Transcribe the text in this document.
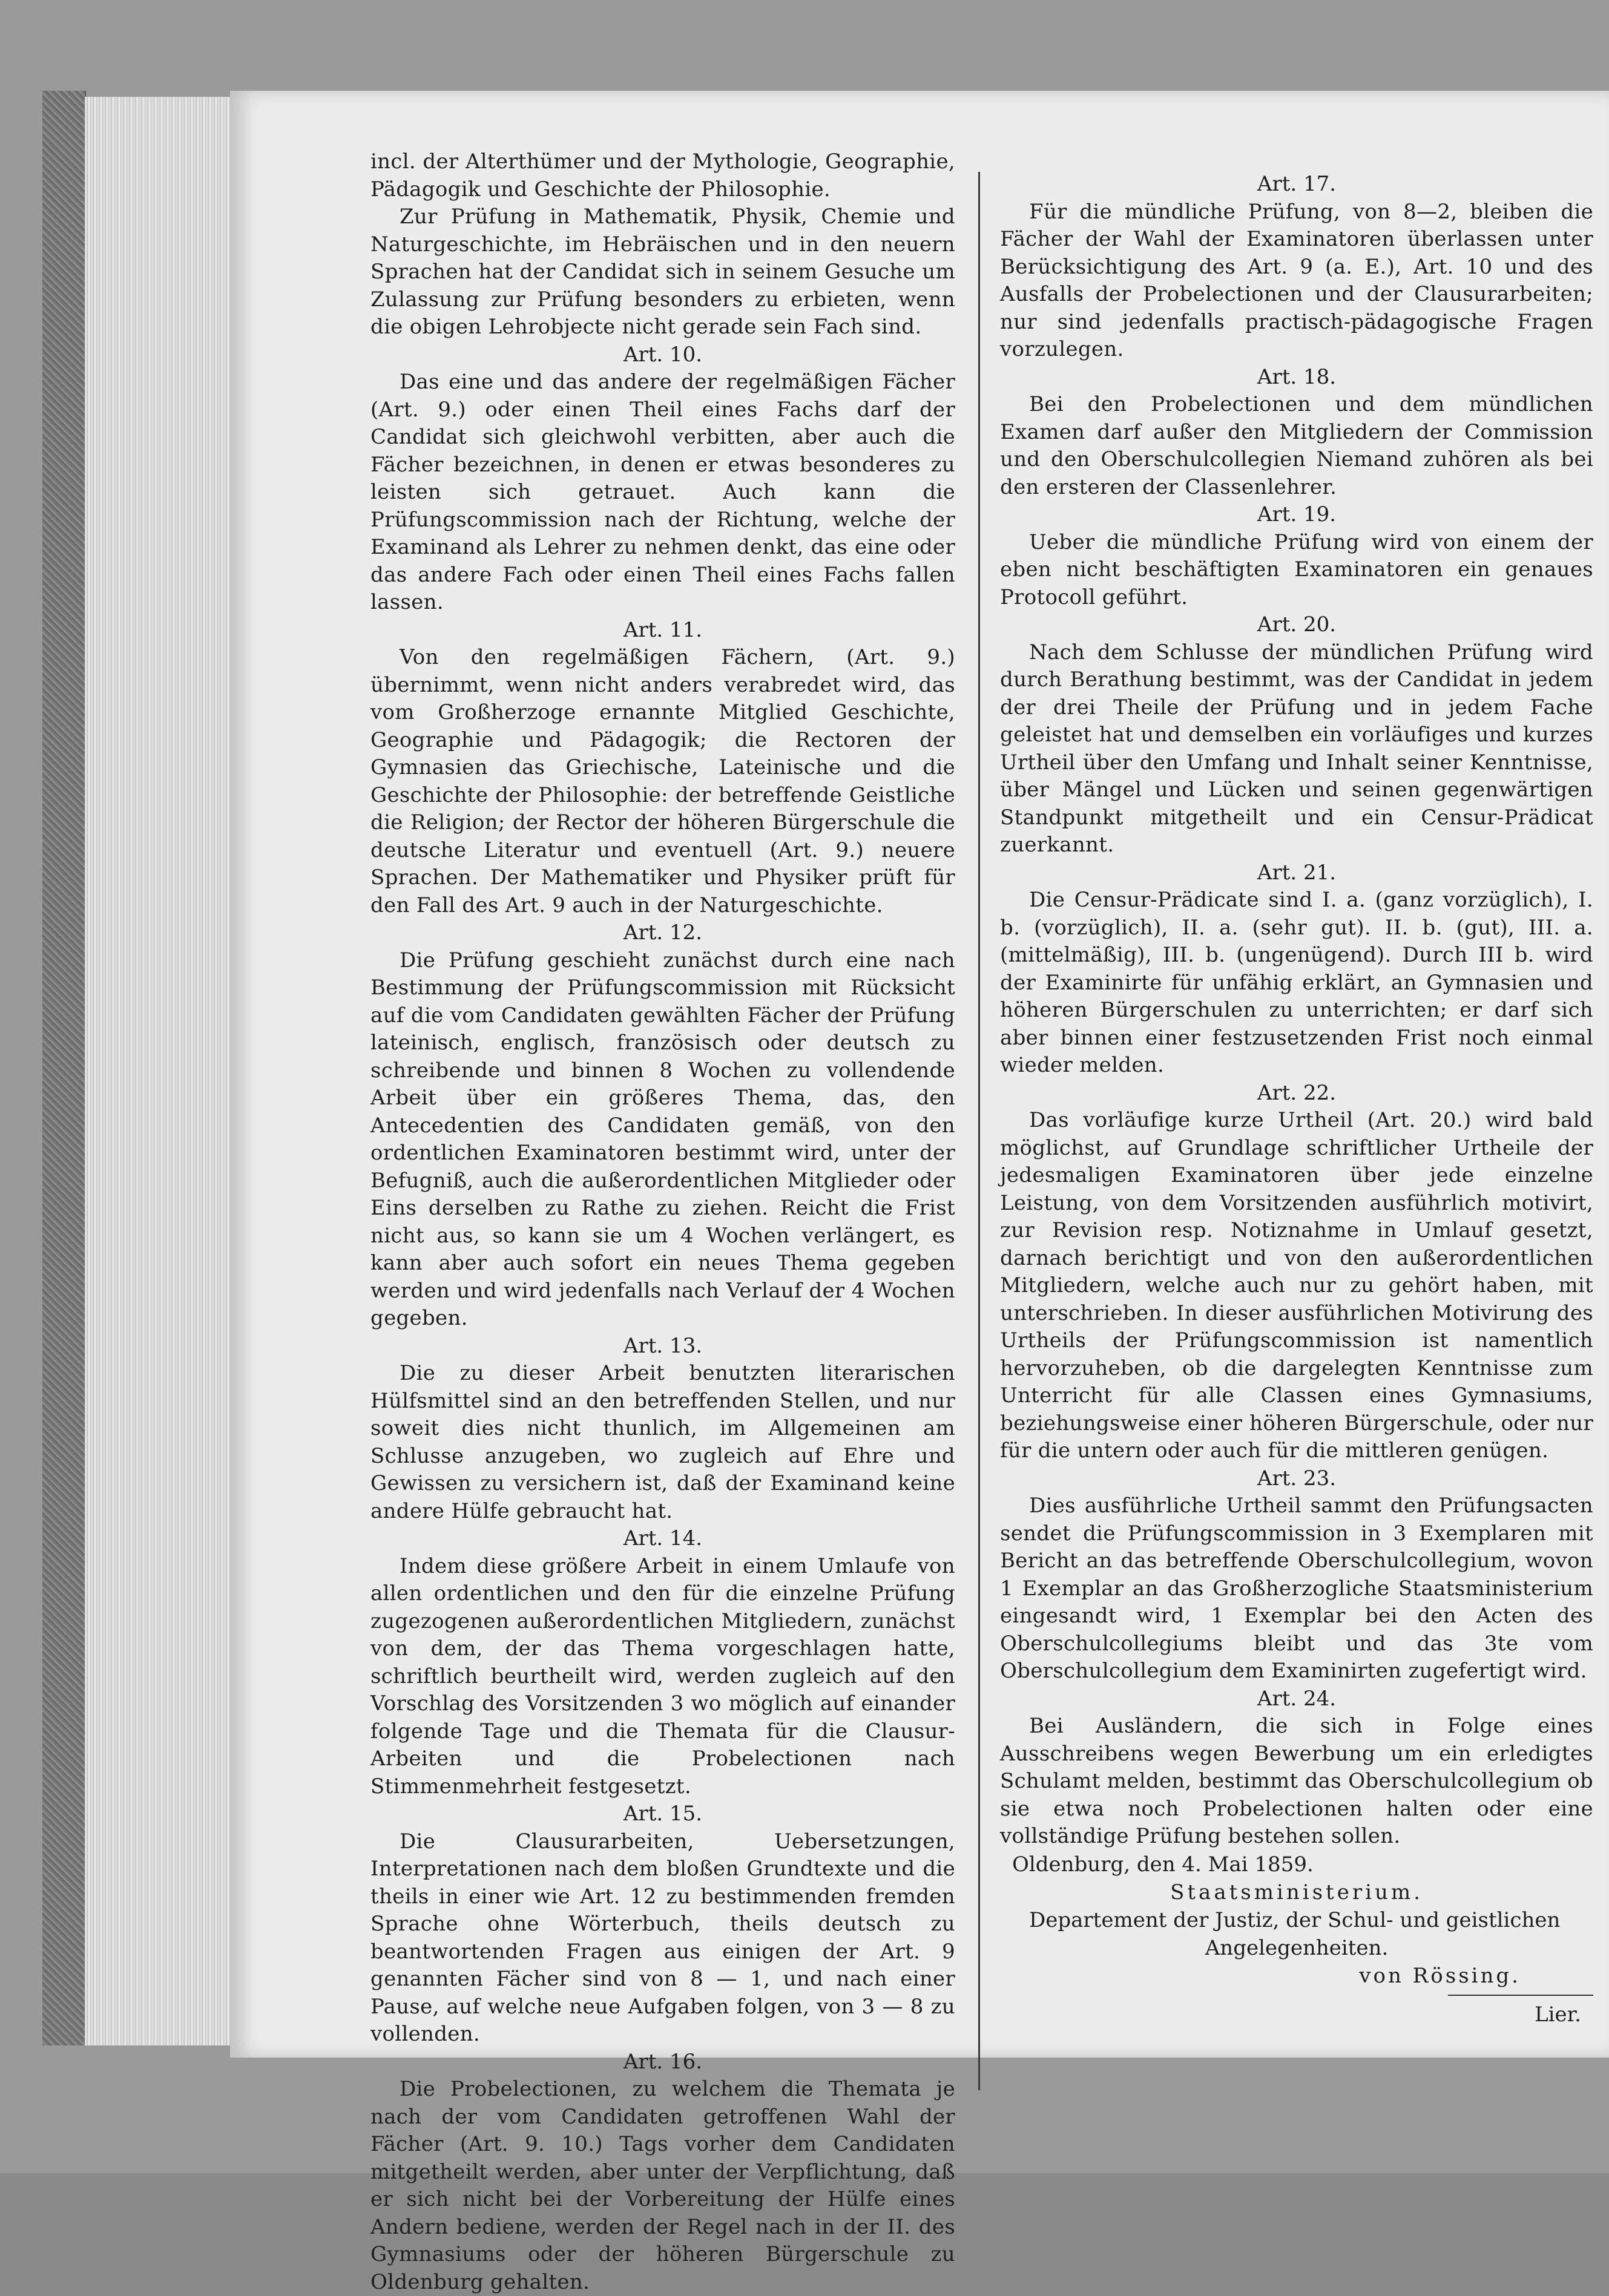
incl. der Alterthümer und der Mythologie, Geographie, Pädagogik und Geschichte der Philosophie.

Zur Prüfung in Mathematik, Physik, Chemie und Naturgeschichte, im Hebräischen und in den neuern Sprachen hat der Candidat sich in seinem Gesuche um Zulassung zur Prüfung besonders zu erbieten, wenn die obigen Lehrobjecte nicht gerade sein Fach sind.

Art. 10.

Das eine und das andere der regelmäßigen Fächer (Art. 9.) oder einen Theil eines Fachs darf der Candidat sich gleichwohl verbitten, aber auch die Fächer bezeichnen, in denen er etwas besonderes zu leisten sich getrauet. Auch kann die Prüfungscommission nach der Richtung, welche der Examinand als Lehrer zu nehmen denkt, das eine oder das andere Fach oder einen Theil eines Fachs fallen lassen.

Art. 11.

Von den regelmäßigen Fächern, (Art. 9.) übernimmt, wenn nicht anders verabredet wird, das vom Großherzoge ernannte Mitglied Geschichte, Geographie und Pädagogik; die Rectoren der Gymnasien das Griechische, Lateinische und die Geschichte der Philosophie: der betreffende Geistliche die Religion; der Rector der höheren Bürgerschule die deutsche Literatur und eventuell (Art. 9.) neuere Sprachen. Der Mathematiker und Physiker prüft für den Fall des Art. 9 auch in der Naturgeschichte.

Art. 12.

Die Prüfung geschieht zunächst durch eine nach Bestimmung der Prüfungscommission mit Rücksicht auf die vom Candidaten gewählten Fächer der Prüfung lateinisch, englisch, französisch oder deutsch zu schreibende und binnen 8 Wochen zu vollendende Arbeit über ein größeres Thema, das, den Antecedentien des Candidaten gemäß, von den ordentlichen Examinatoren bestimmt wird, unter der Befugniß, auch die außerordentlichen Mitglieder oder Eins derselben zu Rathe zu ziehen. Reicht die Frist nicht aus, so kann sie um 4 Wochen verlängert, es kann aber auch sofort ein neues Thema gegeben werden und wird jedenfalls nach Verlauf der 4 Wochen gegeben.

Art. 13.

Die zu dieser Arbeit benutzten literarischen Hülfsmittel sind an den betreffenden Stellen, und nur soweit dies nicht thunlich, im Allgemeinen am Schlusse anzugeben, wo zugleich auf Ehre und Gewissen zu versichern ist, daß der Examinand keine andere Hülfe gebraucht hat.

Art. 14.

Indem diese größere Arbeit in einem Umlaufe von allen ordentlichen und den für die einzelne Prüfung zugezogenen außerordentlichen Mitgliedern, zunächst von dem, der das Thema vorgeschlagen hatte, schriftlich beurtheilt wird, werden zugleich auf den Vorschlag des Vorsitzenden 3 wo möglich auf einander folgende Tage und die Themata für die Clausur-Arbeiten und die Probelectionen nach Stimmenmehrheit festgesetzt.

Art. 15.

Die Clausurarbeiten, Uebersetzungen, Interpretationen nach dem bloßen Grundtexte und die theils in einer wie Art. 12 zu bestimmenden fremden Sprache ohne Wörterbuch, theils deutsch zu beantwortenden Fragen aus einigen der Art. 9 genannten Fächer sind von 8 — 1, und nach einer Pause, auf welche neue Aufgaben folgen, von 3 — 8 zu vollenden.

Art. 16.

Die Probelectionen, zu welchem die Themata je nach der vom Candidaten getroffenen Wahl der Fächer (Art. 9. 10.) Tags vorher dem Candidaten mitgetheilt werden, aber unter der Verpflichtung, daß er sich nicht bei der Vorbereitung der Hülfe eines Andern bediene, werden der Regel nach in der II. des Gymnasiums oder der höheren Bürgerschule zu Oldenburg gehalten.

Art. 17.

Für die mündliche Prüfung, von 8—2, bleiben die Fächer der Wahl der Examinatoren überlassen unter Berücksichtigung des Art. 9 (a. E.), Art. 10 und des Ausfalls der Probelectionen und der Clausurarbeiten; nur sind jedenfalls practisch-pädagogische Fragen vorzulegen.

Art. 18.

Bei den Probelectionen und dem mündlichen Examen darf außer den Mitgliedern der Commission und den Oberschulcollegien Niemand zuhören als bei den ersteren der Classenlehrer.

Art. 19.

Ueber die mündliche Prüfung wird von einem der eben nicht beschäftigten Examinatoren ein genaues Protocoll geführt.

Art. 20.

Nach dem Schlusse der mündlichen Prüfung wird durch Berathung bestimmt, was der Candidat in jedem der drei Theile der Prüfung und in jedem Fache geleistet hat und demselben ein vorläufiges und kurzes Urtheil über den Umfang und Inhalt seiner Kenntnisse, über Mängel und Lücken und seinen gegenwärtigen Standpunkt mitgetheilt und ein Censur-Prädicat zuerkannt.

Art. 21.

Die Censur-Prädicate sind I. a. (ganz vorzüglich), I. b. (vorzüglich), II. a. (sehr gut). II. b. (gut), III. a. (mittelmäßig), III. b. (ungenügend). Durch III b. wird der Examinirte für unfähig erklärt, an Gymnasien und höheren Bürgerschulen zu unterrichten; er darf sich aber binnen einer festzusetzenden Frist noch einmal wieder melden.

Art. 22.

Das vorläufige kurze Urtheil (Art. 20.) wird bald möglichst, auf Grundlage schriftlicher Urtheile der jedesmaligen Examinatoren über jede einzelne Leistung, von dem Vorsitzenden ausführlich motivirt, zur Revision resp. Notiznahme in Umlauf gesetzt, darnach berichtigt und von den außerordentlichen Mitgliedern, welche auch nur zu gehört haben, mit unterschrieben. In dieser ausführlichen Motivirung des Urtheils der Prüfungscommission ist namentlich hervorzuheben, ob die dargelegten Kenntnisse zum Unterricht für alle Classen eines Gymnasiums, beziehungsweise einer höheren Bürgerschule, oder nur für die untern oder auch für die mittleren genügen.

Art. 23.

Dies ausführliche Urtheil sammt den Prüfungsacten sendet die Prüfungscommission in 3 Exemplaren mit Bericht an das betreffende Oberschulcollegium, wovon 1 Exemplar an das Großherzogliche Staatsministerium eingesandt wird, 1 Exemplar bei den Acten des Oberschulcollegiums bleibt und das 3te vom Oberschulcollegium dem Examinirten zugefertigt wird.

Art. 24.

Bei Ausländern, die sich in Folge eines Ausschreibens wegen Bewerbung um ein erledigtes Schulamt melden, bestimmt das Oberschulcollegium ob sie etwa noch Probelectionen halten oder eine vollständige Prüfung bestehen sollen.

Oldenburg, den 4. Mai 1859.

Staatsministerium.

Departement der Justiz, der Schul- und geistlichen

Angelegenheiten.

von Rössing.

Lier.
